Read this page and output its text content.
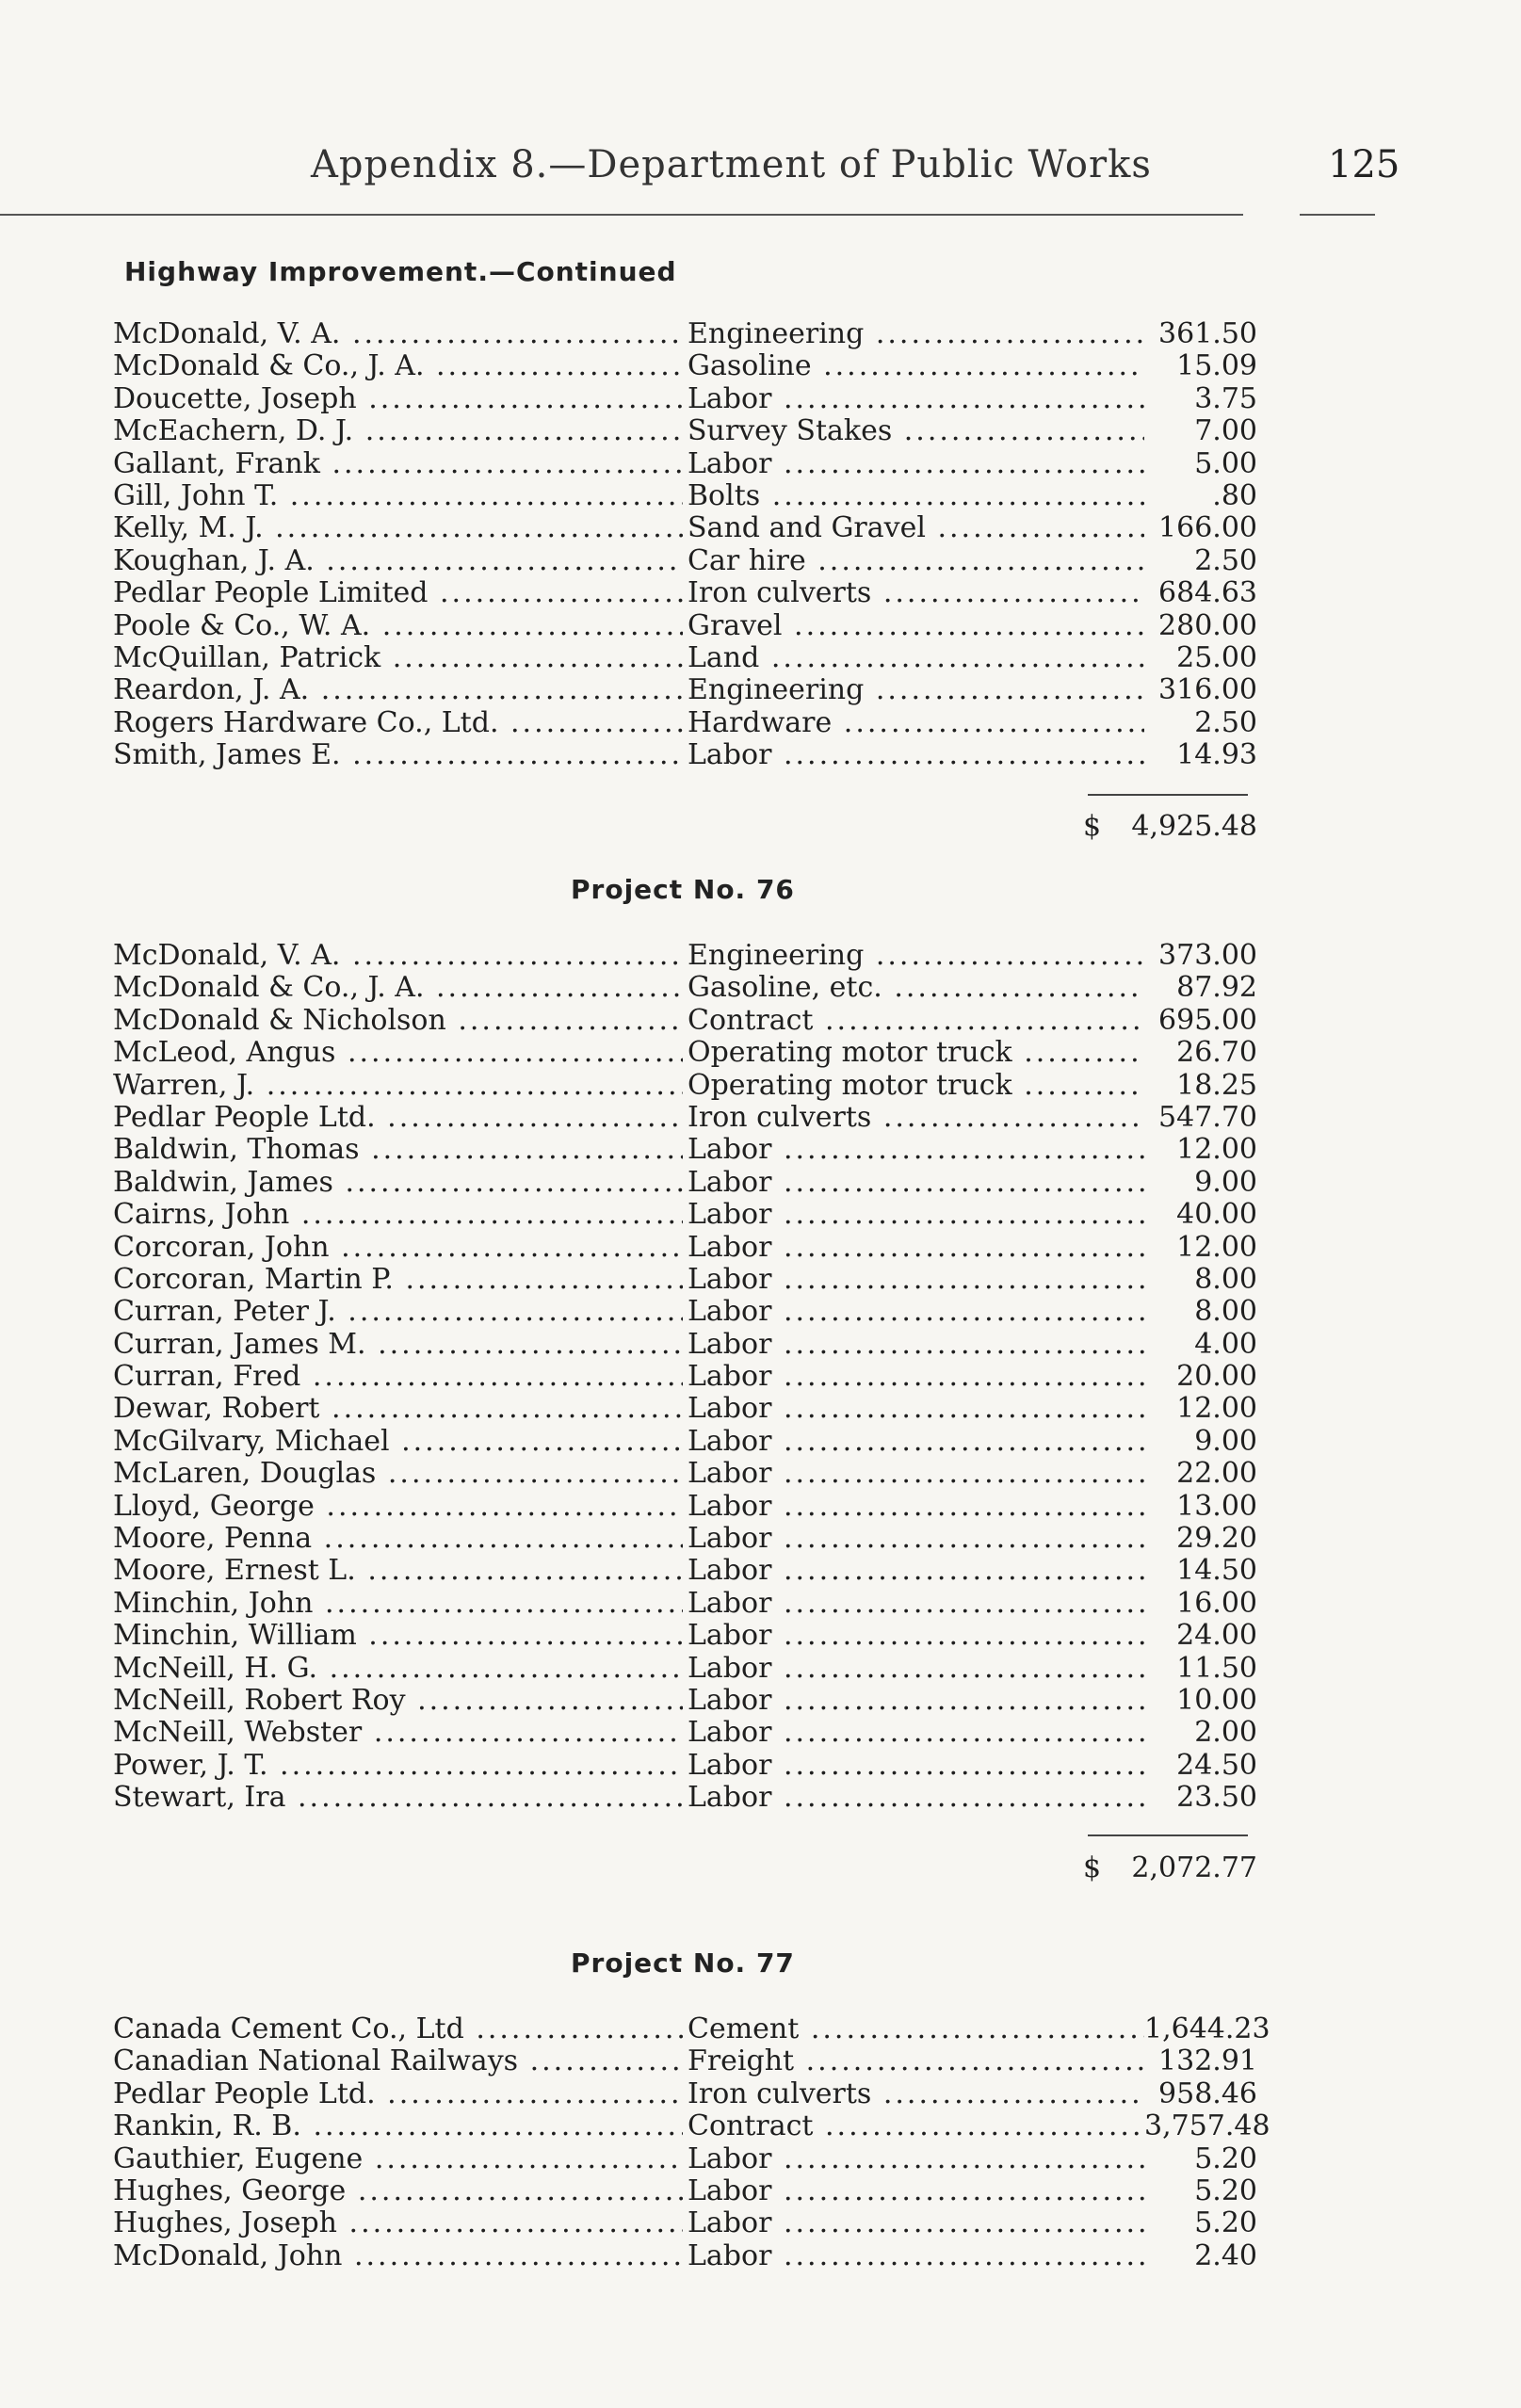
Appendix 8.—Department of Public Works	125
Highway Improvement.—Continued
McDonald, V. A. .....	Engineering .....	361.50
McDonald & Co., J. A. .....	Gasoline .....	15.09
Doucette, Joseph .....	Labor .....	3.75
McEachern, D. J. .....	Survey Stakes .....	7.00
Gallant, Frank .....	Labor .....	5.00
Gill, John T. .....	Bolts .....	.80
Kelly, M. J. .....	Sand and Gravel .....	166.00
Koughan, J. A. .....	Car hire .....	2.50
Pedlar People Limited .....	Iron culverts .....	684.63
Poole & Co., W. A. .....	Gravel .....	280.00
McQuillan, Patrick .....	Land .....	25.00
Reardon, J. A. .....	Engineering .....	316.00
Rogers Hardware Co., Ltd. .....	Hardware .....	2.50
Smith, James E. .....	Labor .....	14.93
$ 4,925.48
Project No. 76
McDonald, V. A. .....	Engineering .....	373.00
McDonald & Co., J. A. .....	Gasoline, etc. .....	87.92
McDonald & Nicholson .....	Contract .....	695.00
McLeod, Angus .....	Operating motor truck .....	26.70
Warren, J. .....	Operating motor truck .....	18.25
Pedlar People Ltd. .....	Iron culverts .....	547.70
Baldwin, Thomas .....	Labor .....	12.00
Baldwin, James .....	Labor .....	9.00
Cairns, John .....	Labor .....	40.00
Corcoran, John .....	Labor .....	12.00
Corcoran, Martin P. .....	Labor .....	8.00
Curran, Peter J. .....	Labor .....	8.00
Curran, James M. .....	Labor .....	4.00
Curran, Fred .....	Labor .....	20.00
Dewar, Robert .....	Labor .....	12.00
McGilvary, Michael .....	Labor .....	9.00
McLaren, Douglas .....	Labor .....	22.00
Lloyd, George .....	Labor .....	13.00
Moore, Penna .....	Labor .....	29.20
Moore, Ernest L. .....	Labor .....	14.50
Minchin, John .....	Labor .....	16.00
Minchin, William .....	Labor .....	24.00
McNeill, H. G. .....	Labor .....	11.50
McNeill, Robert Roy .....	Labor .....	10.00
McNeill, Webster .....	Labor .....	2.00
Power, J. T. .....	Labor .....	24.50
Stewart, Ira .....	Labor .....	23.50
$ 2,072.77
Project No. 77
Canada Cement Co., Ltd .....	Cement .....	1,644.23
Canadian National Railways .....	Freight .....	132.91
Pedlar People Ltd. .....	Iron culverts .....	958.46
Rankin, R. B. .....	Contract .....	3,757.48
Gauthier, Eugene .....	Labor .....	5.20
Hughes, George .....	Labor .....	5.20
Hughes, Joseph .....	Labor .....	5.20
McDonald, John .....	Labor .....	2.40
